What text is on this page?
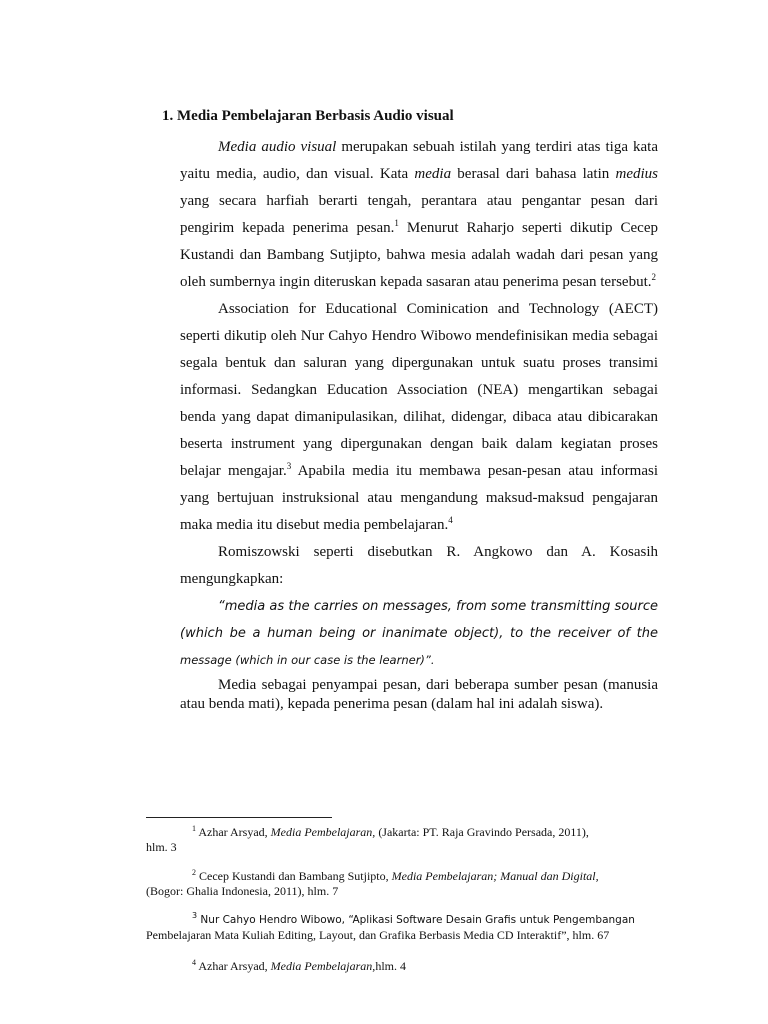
1. Media Pembelajaran Berbasis Audio visual

Media audio visual merupakan sebuah istilah yang terdiri atas tiga kata yaitu media, audio, dan visual. Kata media berasal dari bahasa latin medius yang secara harfiah berarti tengah, perantara atau pengantar pesan dari pengirim kepada penerima pesan.$^1$ Menurut Raharjo seperti dikutip Cecep Kustandi dan Bambang Sutjipto, bahwa mesia adalah wadah dari pesan yang oleh sumbernya ingin diteruskan kepada sasaran atau penerima pesan tersebut.$^2$

Association for Educational Cominication and Technology (AECT) seperti dikutip oleh Nur Cahyo Hendro Wibowo mendefinisikan media sebagai segala bentuk dan saluran yang dipergunakan untuk suatu proses transimi informasi. Sedangkan Education Association (NEA) mengartikan sebagai benda yang dapat dimanipulasikan, dilihat, didengar, dibaca atau dibicarakan beserta instrument yang dipergunakan dengan baik dalam kegiatan proses belajar mengajar.$^3$ Apabila media itu membawa pesan-pesan atau informasi yang bertujuan instruksional atau mengandung maksud-maksud pengajaran maka media itu disebut media pembelajaran.$^4$

Romiszowski seperti disebutkan R. Angkowo dan A. Kosasih mengungkapkan:

“media as the carries on messages, from some transmitting source (which be a human being or inanimate object), to the receiver of the message (which in our case is the learner)”.

Media sebagai penyampai pesan, dari beberapa sumber pesan (manusia atau benda mati), kepada penerima pesan (dalam hal ini adalah siswa).

$^1$ Azhar Arsyad, Media Pembelajaran, (Jakarta: PT. Raja Gravindo Persada, 2011),
hlm. 3

$^2$ Cecep Kustandi dan Bambang Sutjipto, Media Pembelajaran; Manual dan Digital,
(Bogor: Ghalia Indonesia, 2011), hlm. 7

$^3$ Nur Cahyo Hendro Wibowo, “Aplikasi Software Desain Grafis untuk Pengembangan
Pembelajaran Mata Kuliah Editing, Layout, dan Grafika Berbasis Media CD Interaktif”, hlm. 67

$^4$ Azhar Arsyad, Media Pembelajaran,hlm. 4
